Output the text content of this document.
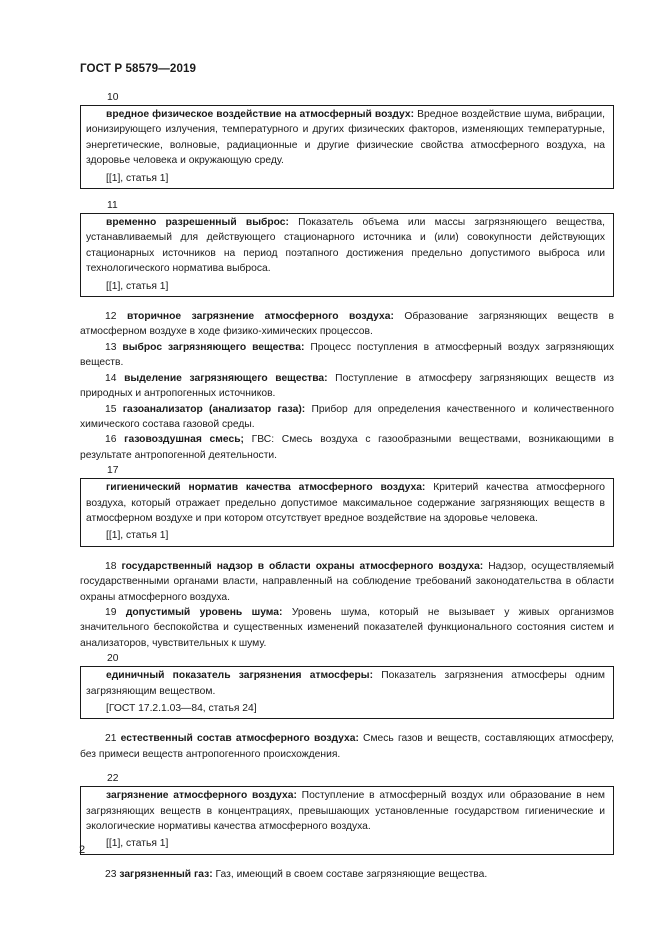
ГОСТ Р 58579—2019
10

вредное физическое воздействие на атмосферный воздух: Вредное воздействие шума, вибрации, ионизирующего излучения, температурного и других физических факторов, изменяющих температурные, энергетические, волновые, радиационные и другие физические свойства атмосферного воздуха, на здоровье человека и окружающую среду.

[[1], статья 1]

11

временно разрешенный выброс: Показатель объема или массы загрязняющего вещества, устанавливаемый для действующего стационарного источника и (или) совокупности действующих стационарных источников на период поэтапного достижения предельно допустимого выброса или технологического норматива выброса.

[[1], статья 1]

12 вторичное загрязнение атмосферного воздуха: Образование загрязняющих веществ в атмосферном воздухе в ходе физико-химических процессов.

13 выброс загрязняющего вещества: Процесс поступления в атмосферный воздух загрязняющих веществ.

14 выделение загрязняющего вещества: Поступление в атмосферу загрязняющих веществ из природных и антропогенных источников.

15 газоанализатор (анализатор газа): Прибор для определения качественного и количественного химического состава газовой среды.

16 газовоздушная смесь; ГВС: Смесь воздуха с газообразными веществами, возникающими в результате антропогенной деятельности.

17

гигиенический норматив качества атмосферного воздуха: Критерий качества атмосферного воздуха, который отражает предельно допустимое максимальное содержание загрязняющих веществ в атмосферном воздухе и при котором отсутствует вредное воздействие на здоровье человека.

[[1], статья 1]

18 государственный надзор в области охраны атмосферного воздуха: Надзор, осуществляемый государственными органами власти, направленный на соблюдение требований законодательства в области охраны атмосферного воздуха.

19 допустимый уровень шума: Уровень шума, который не вызывает у живых организмов значительного беспокойства и существенных изменений показателей функционального состояния систем и анализаторов, чувствительных к шуму.

20

единичный показатель загрязнения атмосферы: Показатель загрязнения атмосферы одним загрязняющим веществом.

[ГОСТ 17.2.1.03—84, статья 24]

21 естественный состав атмосферного воздуха: Смесь газов и веществ, составляющих атмосферу, без примеси веществ антропогенного происхождения.

22

загрязнение атмосферного воздуха: Поступление в атмосферный воздух или образование в нем загрязняющих веществ в концентрациях, превышающих установленные государством гигиенические и экологические нормативы качества атмосферного воздуха.

[[1], статья 1]

23 загрязненный газ: Газ, имеющий в своем составе загрязняющие вещества.

2
